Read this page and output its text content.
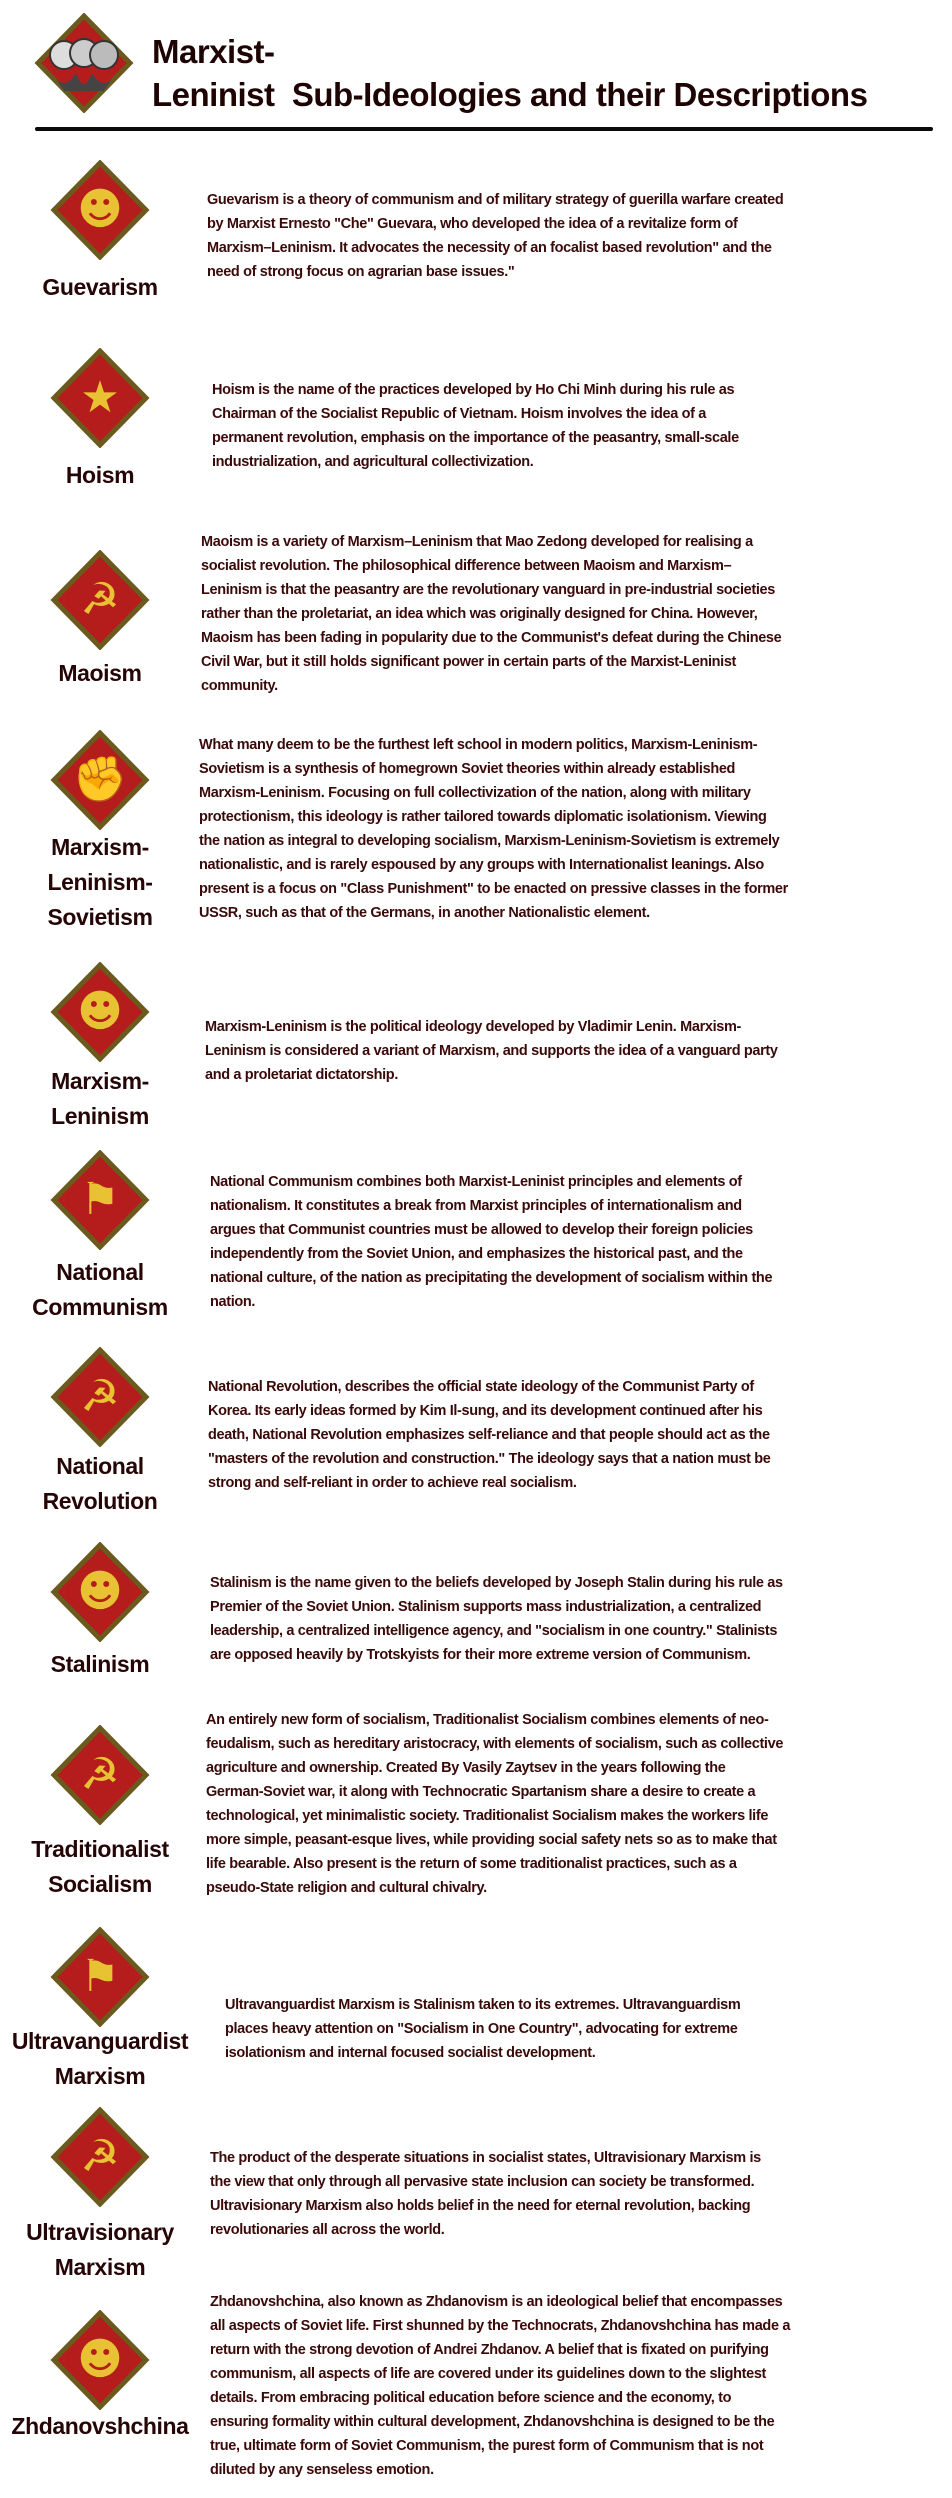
Marxist-
Leninist  Sub-Ideologies and their Descriptions
☻
Guevarism
Guevarism is a theory of communism and of military strategy of guerilla warfare created
by Marxist Ernesto "Che" Guevara, who developed the idea of a revitalize form of
Marxism–Leninism. It advocates the necessity of an focalist based revolution" and the
need of strong focus on agrarian base issues."
★
Hoism
Hoism is the name of the practices developed by Ho Chi Minh during his rule as
Chairman of the Socialist Republic of Vietnam. Hoism involves the idea of a
permanent revolution, emphasis on the importance of the peasantry, small-scale
industrialization, and agricultural collectivization.
☭
Maoism
Maoism is a variety of Marxism–Leninism that Mao Zedong developed for realising a
socialist revolution. The philosophical difference between Maoism and Marxism–
Leninism is that the peasantry are the revolutionary vanguard in pre-industrial societies
rather than the proletariat, an idea which was originally designed for China. However,
Maoism has been fading in popularity due to the Communist's defeat during the Chinese
Civil War, but it still holds significant power in certain parts of the Marxist-Leninist
community.
✊
Marxism-
Leninism-
Sovietism
What many deem to be the furthest left school in modern politics, Marxism-Leninism-
Sovietism is a synthesis of homegrown Soviet theories within already established
Marxism-Leninism. Focusing on full collectivization of the nation, along with military
protectionism, this ideology is rather tailored towards diplomatic isolationism. Viewing
the nation as integral to developing socialism, Marxism-Leninism-Sovietism is extremely
nationalistic, and is rarely espoused by any groups with Internationalist leanings. Also
present is a focus on "Class Punishment" to be enacted on pressive classes in the former
USSR, such as that of the Germans, in another Nationalistic element.
☻
Marxism-
Leninism
Marxism-Leninism is the political ideology developed by Vladimir Lenin. Marxism-
Leninism is considered a variant of Marxism, and supports the idea of a vanguard party
and a proletariat dictatorship.
⚑
National
Communism
National Communism combines both Marxist-Leninist principles and elements of
nationalism. It constitutes a break from Marxist principles of internationalism and
argues that Communist countries must be allowed to develop their foreign policies
independently from the Soviet Union, and emphasizes the historical past, and the
national culture, of the nation as precipitating the development of socialism within the
nation.
☭
National
Revolution
National Revolution, describes the official state ideology of the Communist Party of
Korea. Its early ideas formed by Kim Il-sung, and its development continued after his
death, National Revolution emphasizes self-reliance and that people should act as the
"masters of the revolution and construction." The ideology says that a nation must be
strong and self-reliant in order to achieve real socialism.
☻
Stalinism
Stalinism is the name given to the beliefs developed by Joseph Stalin during his rule as
Premier of the Soviet Union. Stalinism supports mass industrialization, a centralized
leadership, a centralized intelligence agency, and "socialism in one country." Stalinists
are opposed heavily by Trotskyists for their more extreme version of Communism.
☭
Traditionalist
Socialism
An entirely new form of socialism, Traditionalist Socialism combines elements of neo-
feudalism, such as hereditary aristocracy, with elements of socialism, such as collective
agriculture and ownership. Created By Vasily Zaytsev in the years following the
German-Soviet war, it along with Technocratic Spartanism share a desire to create a
technological, yet minimalistic society. Traditionalist Socialism makes the workers life
more simple, peasant-esque lives, while providing social safety nets so as to make that
life bearable. Also present is the return of some traditionalist practices, such as a
pseudo-State religion and cultural chivalry.
⚑
Ultravanguardist
Marxism
Ultravanguardist Marxism is Stalinism taken to its extremes. Ultravanguardism
places heavy attention on "Socialism in One Country", advocating for extreme
isolationism and internal focused socialist development.
☭
Ultravisionary
Marxism
The product of the desperate situations in socialist states, Ultravisionary Marxism is
the view that only through all pervasive state inclusion can society be transformed.
Ultravisionary Marxism also holds belief in the need for eternal revolution, backing
revolutionaries all across the world.
☻
Zhdanovshchina
Zhdanovshchina, also known as Zhdanovism is an ideological belief that encompasses
all aspects of Soviet life. First shunned by the Technocrats, Zhdanovshchina has made a
return with the strong devotion of Andrei Zhdanov. A belief that is fixated on purifying
communism, all aspects of life are covered under its guidelines down to the slightest
details. From embracing political education before science and the economy, to
ensuring formality within cultural development, Zhdanovshchina is designed to be the
true, ultimate form of Soviet Communism, the purest form of Communism that is not
diluted by any senseless emotion.
